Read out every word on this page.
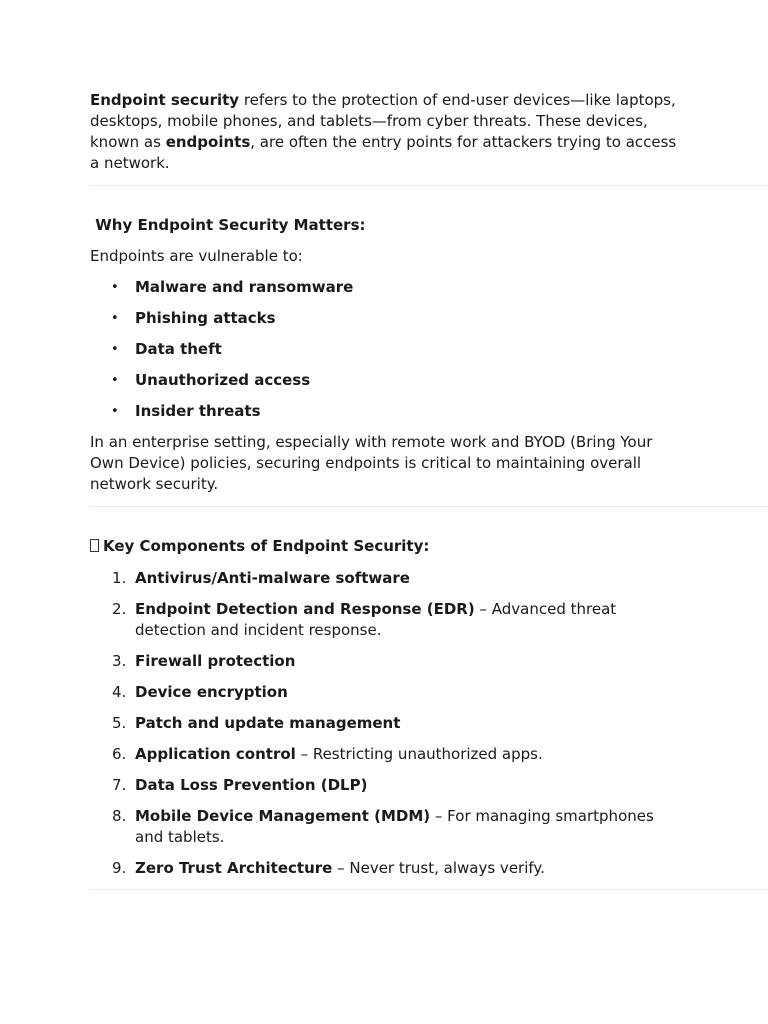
Endpoint security refers to the protection of end-user devices—like laptops, desktops, mobile phones, and tablets—from cyber threats. These devices, known as endpoints, are often the entry points for attackers trying to access a network.

Why Endpoint Security Matters:

Endpoints are vulnerable to:

• Malware and ransomware
• Phishing attacks
• Data theft
• Unauthorized access
• Insider threats

In an enterprise setting, especially with remote work and BYOD (Bring Your Own Device) policies, securing endpoints is critical to maintaining overall network security.

Key Components of Endpoint Security:

1. Antivirus/Anti-malware software
2. Endpoint Detection and Response (EDR) – Advanced threat detection and incident response.
3. Firewall protection
4. Device encryption
5. Patch and update management
6. Application control – Restricting unauthorized apps.
7. Data Loss Prevention (DLP)
8. Mobile Device Management (MDM) – For managing smartphones and tablets.
9. Zero Trust Architecture – Never trust, always verify.
